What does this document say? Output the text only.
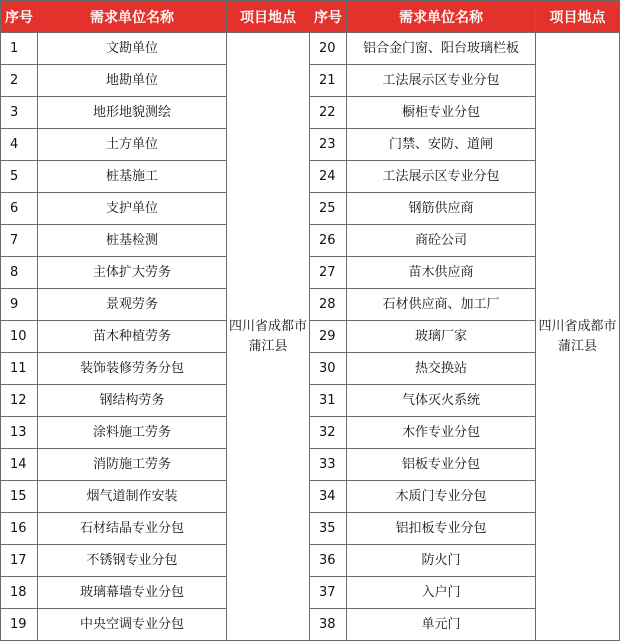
序号	需求单位名称	项目地点	序号	需求单位名称	项目地点
1	文勘单位	四川省成都市蒲江县	20	铝合金门窗、阳台玻璃栏板	四川省成都市蒲江县
2	地勘单位		21	工法展示区专业分包	
3	地形地貌测绘		22	橱柜专业分包	
4	土方单位		23	门禁、安防、道闸	
5	桩基施工		24	工法展示区专业分包	
6	支护单位		25	钢筋供应商	
7	桩基检测		26	商砼公司	
8	主体扩大劳务		27	苗木供应商	
9	景观劳务		28	石材供应商、加工厂	
10	苗木种植劳务		29	玻璃厂家	
11	装饰装修劳务分包		30	热交换站	
12	钢结构劳务		31	气体灭火系统	
13	涂料施工劳务		32	木作专业分包	
14	消防施工劳务		33	铝板专业分包	
15	烟气道制作安装		34	木质门专业分包	
16	石材结晶专业分包		35	铝扣板专业分包	
17	不锈钢专业分包		36	防火门	
18	玻璃幕墙专业分包		37	入户门	
19	中央空调专业分包		38	单元门	
